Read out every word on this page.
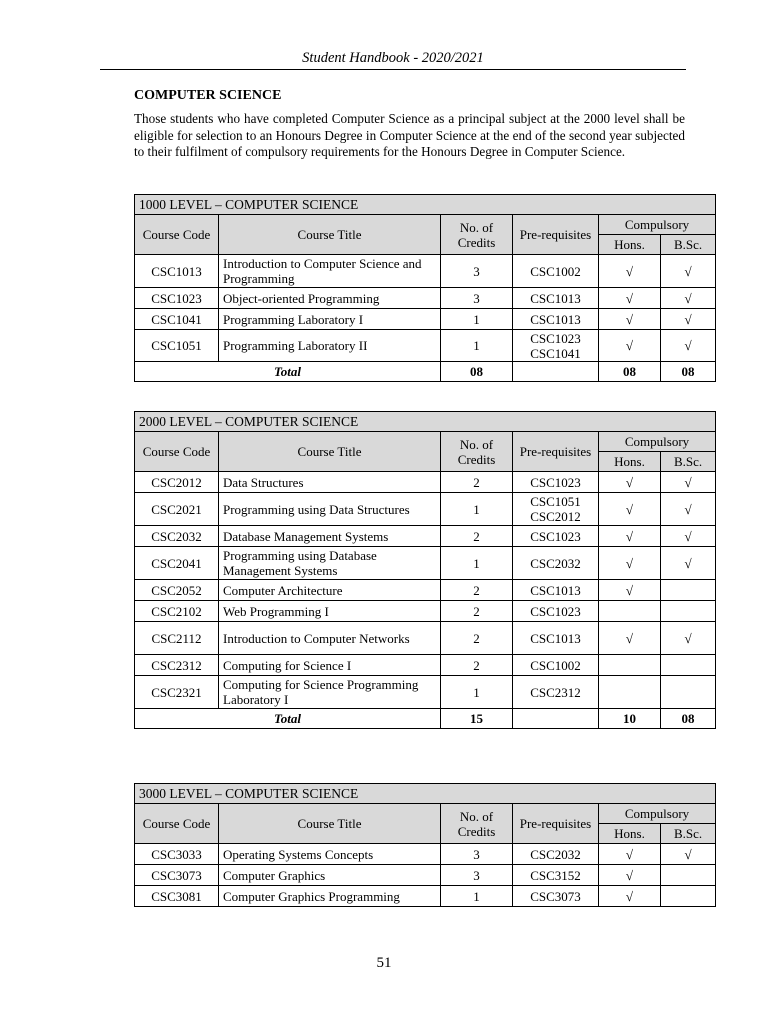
Student Handbook - 2020/2021
COMPUTER SCIENCE

Those students who have completed Computer Science as a principal subject at the 2000 level shall be eligible for selection to an Honours Degree in Computer Science at the end of the second year subjected to their fulfilment of compulsory requirements for the Honours Degree in Computer Science.

1000 LEVEL – COMPUTER SCIENCE					
Course Code	Course Title	No. of Credits	Pre-requisites	Compulsory	
				Hons.	B.Sc.
CSC1013	Introduction to Computer Science and Programming	3	CSC1002	√	√
CSC1023	Object-oriented Programming	3	CSC1013	√	√
CSC1041	Programming Laboratory I	1	CSC1013	√	√
CSC1051	Programming Laboratory II	1	CSC1023 CSC1041	√	√
Total		08		08	08
2000 LEVEL – COMPUTER SCIENCE					
Course Code	Course Title	No. of Credits	Pre-requisites	Compulsory	
				Hons.	B.Sc.
CSC2012	Data Structures	2	CSC1023	√	√
CSC2021	Programming using Data Structures	1	CSC1051 CSC2012	√	√
CSC2032	Database Management Systems	2	CSC1023	√	√
CSC2041	Programming using Database Management Systems	1	CSC2032	√	√
CSC2052	Computer Architecture	2	CSC1013	√	
CSC2102	Web Programming I	2	CSC1023		
CSC2112	Introduction to Computer Networks	2	CSC1013	√	√
CSC2312	Computing for Science I	2	CSC1002		
CSC2321	Computing for Science Programming Laboratory I	1	CSC2312		
Total		15		10	08
3000 LEVEL – COMPUTER SCIENCE					
Course Code	Course Title	No. of Credits	Pre-requisites	Compulsory	
				Hons.	B.Sc.
CSC3033	Operating Systems Concepts	3	CSC2032	√	√
CSC3073	Computer Graphics	3	CSC3152	√	
CSC3081	Computer Graphics Programming	1	CSC3073	√	
51
